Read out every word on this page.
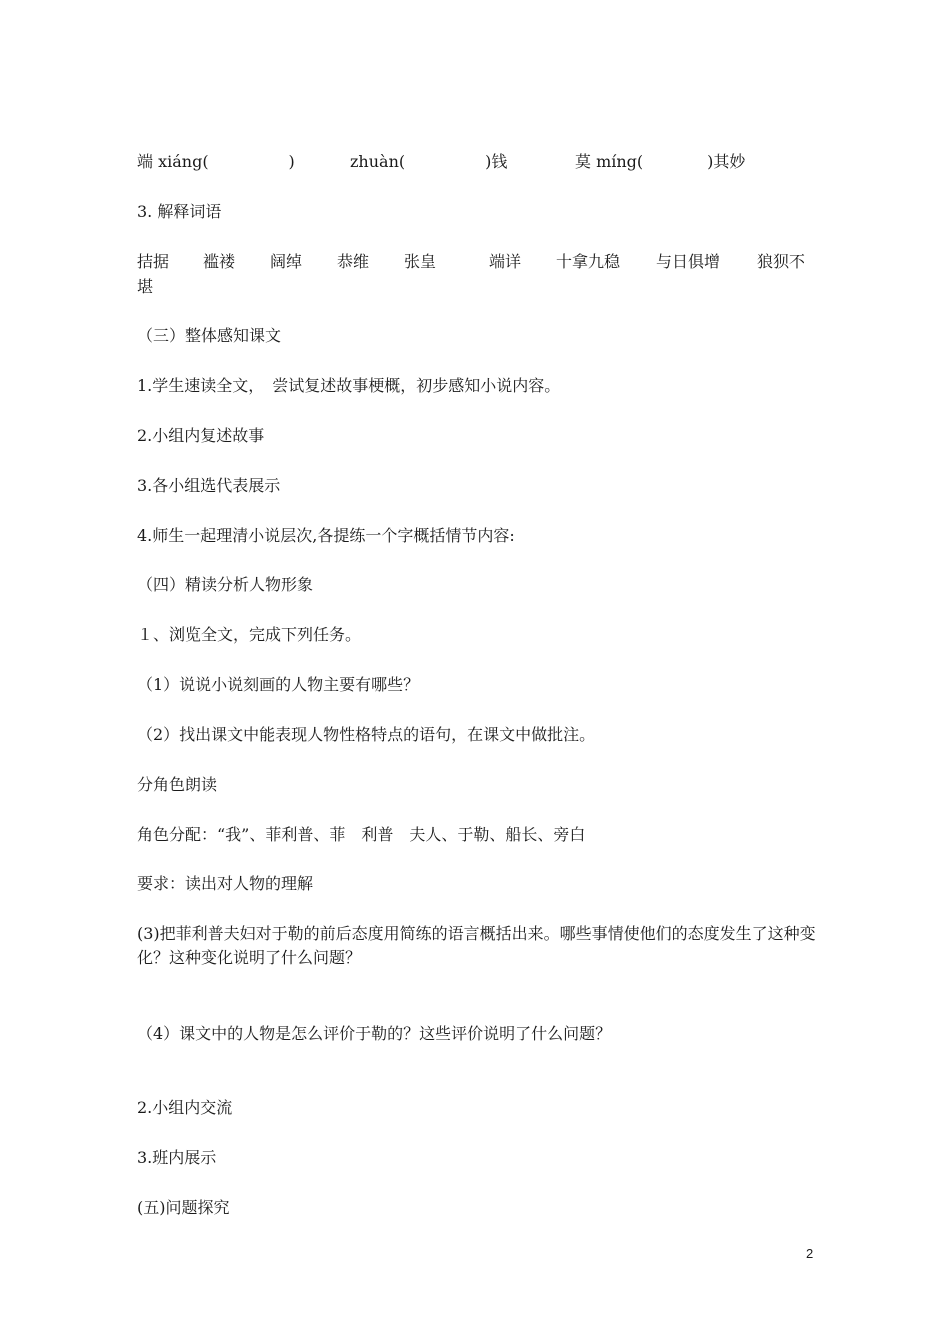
端 xiáng(　　　　　)	zhuàn(　　　　　)钱	莫 míng(　　　　)其妙
3. 解释词语
拮据 褴褛 阔绰 恭维 张皇	端详 十拿九稳 与日俱增 狼狈不
堪
（三）整体感知课文
1.学生速读全文，　尝试复述故事梗概，初步感知小说内容。
2.小组内复述故事
3.各小组选代表展示
4.师生一起理清小说层次,各提练一个字概括情节内容:
（四）精读分析人物形象
１、浏览全文，完成下列任务。
（1）说说小说刻画的人物主要有哪些？
（2）找出课文中能表现人物性格特点的语句，在课文中做批注。
分角色朗读
角色分配：“我”、菲利普、菲　利普　夫人、于勒、船长、旁白
要求：读出对人物的理解
(3)把菲利普夫妇对于勒的前后态度用简练的语言概括出来。哪些事情使他们的态度发生了这种变化？这种变化说明了什么问题？
（4）课文中的人物是怎么评价于勒的？这些评价说明了什么问题？
2.小组内交流
3.班内展示
(五)问题探究
2
